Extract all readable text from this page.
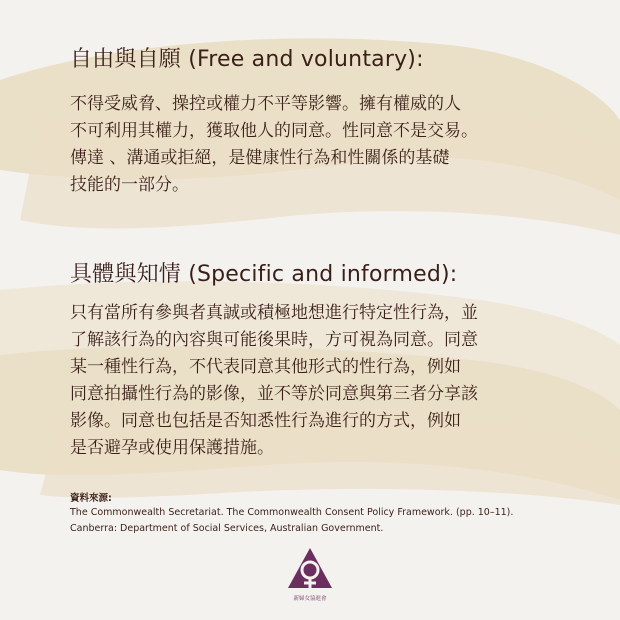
自由與自願 (Free and voluntary):
不得受威脅、操控或權力不平等影響。擁有權威的人
不可利用其權力，獲取他人的同意。性同意不是交易。
傳達 、溝通或拒絕，是健康性行為和性關係的基礎
技能的一部分。
具體與知情 (Specific and informed):
只有當所有參與者真誠或積極地想進行特定性行為，並
了解該行為的內容與可能後果時，方可視為同意。同意
某一種性行為，不代表同意其他形式的性行為，例如
同意拍攝性行為的影像，並不等於同意與第三者分享該
影像。同意也包括是否知悉性行為進行的方式，例如
是否避孕或使用保護措施。
資料來源:
The Commonwealth Secretariat. The Commonwealth Consent Policy Framework. (pp. 10–11).
Canberra: Department of Social Services, Australian Government.
新婦女協進會
